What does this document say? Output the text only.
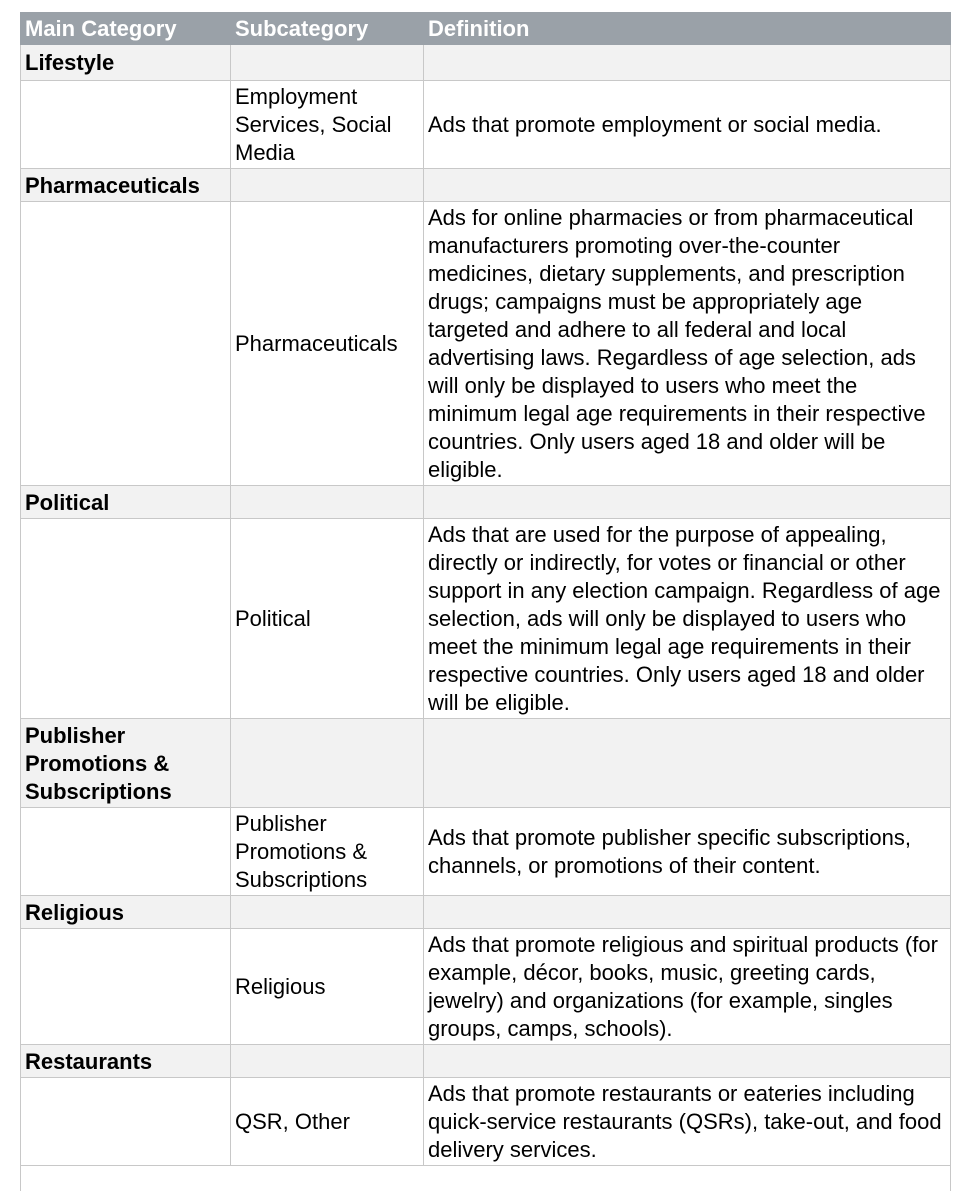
Main Category	Subcategory	Definition
Lifestyle		
	Employment Services, Social Media	Ads that promote employment or social media.
Pharmaceuticals		
	Pharmaceuticals	Ads for online pharmacies or from pharmaceutical manufacturers promoting over-the-counter medicines, dietary supplements, and prescription drugs; campaigns must be appropriately age targeted and adhere to all federal and local advertising laws. Regardless of age selection, ads will only be displayed to users who meet the minimum legal age requirements in their respective countries. Only users aged 18 and older will be eligible.
Political		
	Political	Ads that are used for the purpose of appealing, directly or indirectly, for votes or financial or other support in any election campaign. Regardless of age selection, ads will only be displayed to users who meet the minimum legal age requirements in their respective countries. Only users aged 18 and older will be eligible.
Publisher Promotions & Subscriptions		
	Publisher Promotions & Subscriptions	Ads that promote publisher specific subscriptions, channels, or promotions of their content.
Religious		
	Religious	Ads that promote religious and spiritual products (for example, décor, books, music, greeting cards, jewelry) and organizations (for example, singles groups, camps, schools).
Restaurants		
	QSR, Other	Ads that promote restaurants or eateries including quick-service restaurants (QSRs), take-out, and food delivery services.
